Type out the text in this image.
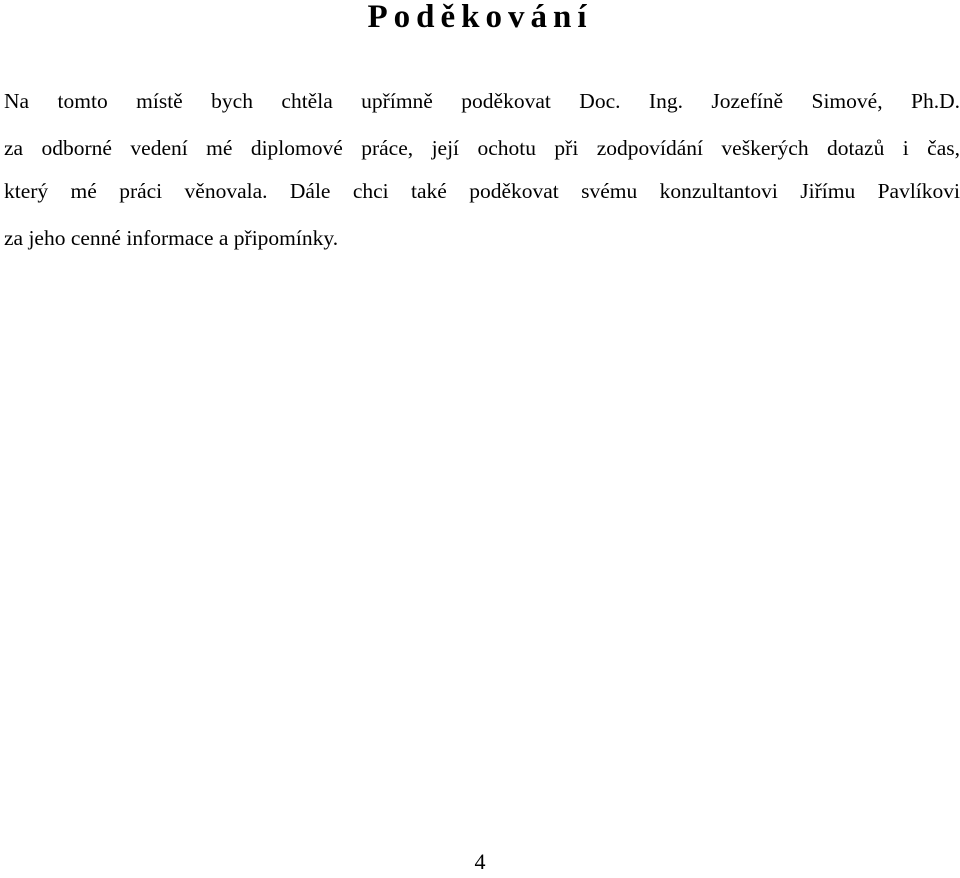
Poděkování
Na tomto místě bych chtěla upřímně poděkovat Doc. Ing. Jozefíně Simové, Ph.D.
za odborné vedení mé diplomové práce, její ochotu při zodpovídání veškerých dotazů i čas,
který mé práci věnovala. Dále chci také poděkovat svému konzultantovi Jiřímu Pavlíkovi
za jeho cenné informace a připomínky.
4
